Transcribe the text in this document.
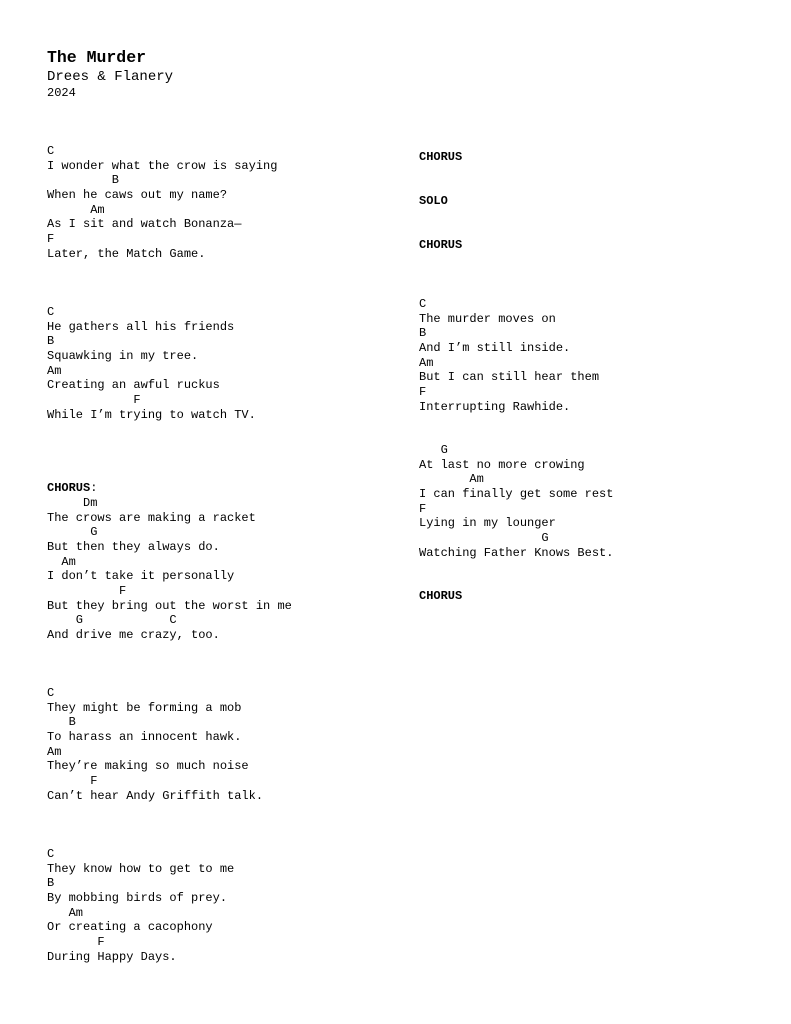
The Murder
Drees & Flanery
2024
C
I wonder what the crow is saying
B
When he caws out my name?
Am
As I sit and watch Bonanza—
F
Later, the Match Game.
C
He gathers all his friends
B
Squawking in my tree.
Am
Creating an awful ruckus
F
While I’m trying to watch TV.
CHORUS:
Dm
The crows are making a racket
G
But then they always do.
Am
I don’t take it personally
F
But they bring out the worst in me
G            C
And drive me crazy, too.
C
They might be forming a mob
B
To harass an innocent hawk.
Am
They’re making so much noise
F
Can’t hear Andy Griffith talk.
C
They know how to get to me
B
By mobbing birds of prey.
Am
Or creating a cacophony
F
During Happy Days.
CHORUS
SOLO
CHORUS
C
The murder moves on
B
And I’m still inside.
Am
But I can still hear them
F
Interrupting Rawhide.
G
At last no more crowing
Am
I can finally get some rest
F
Lying in my lounger
G
Watching Father Knows Best.
CHORUS
